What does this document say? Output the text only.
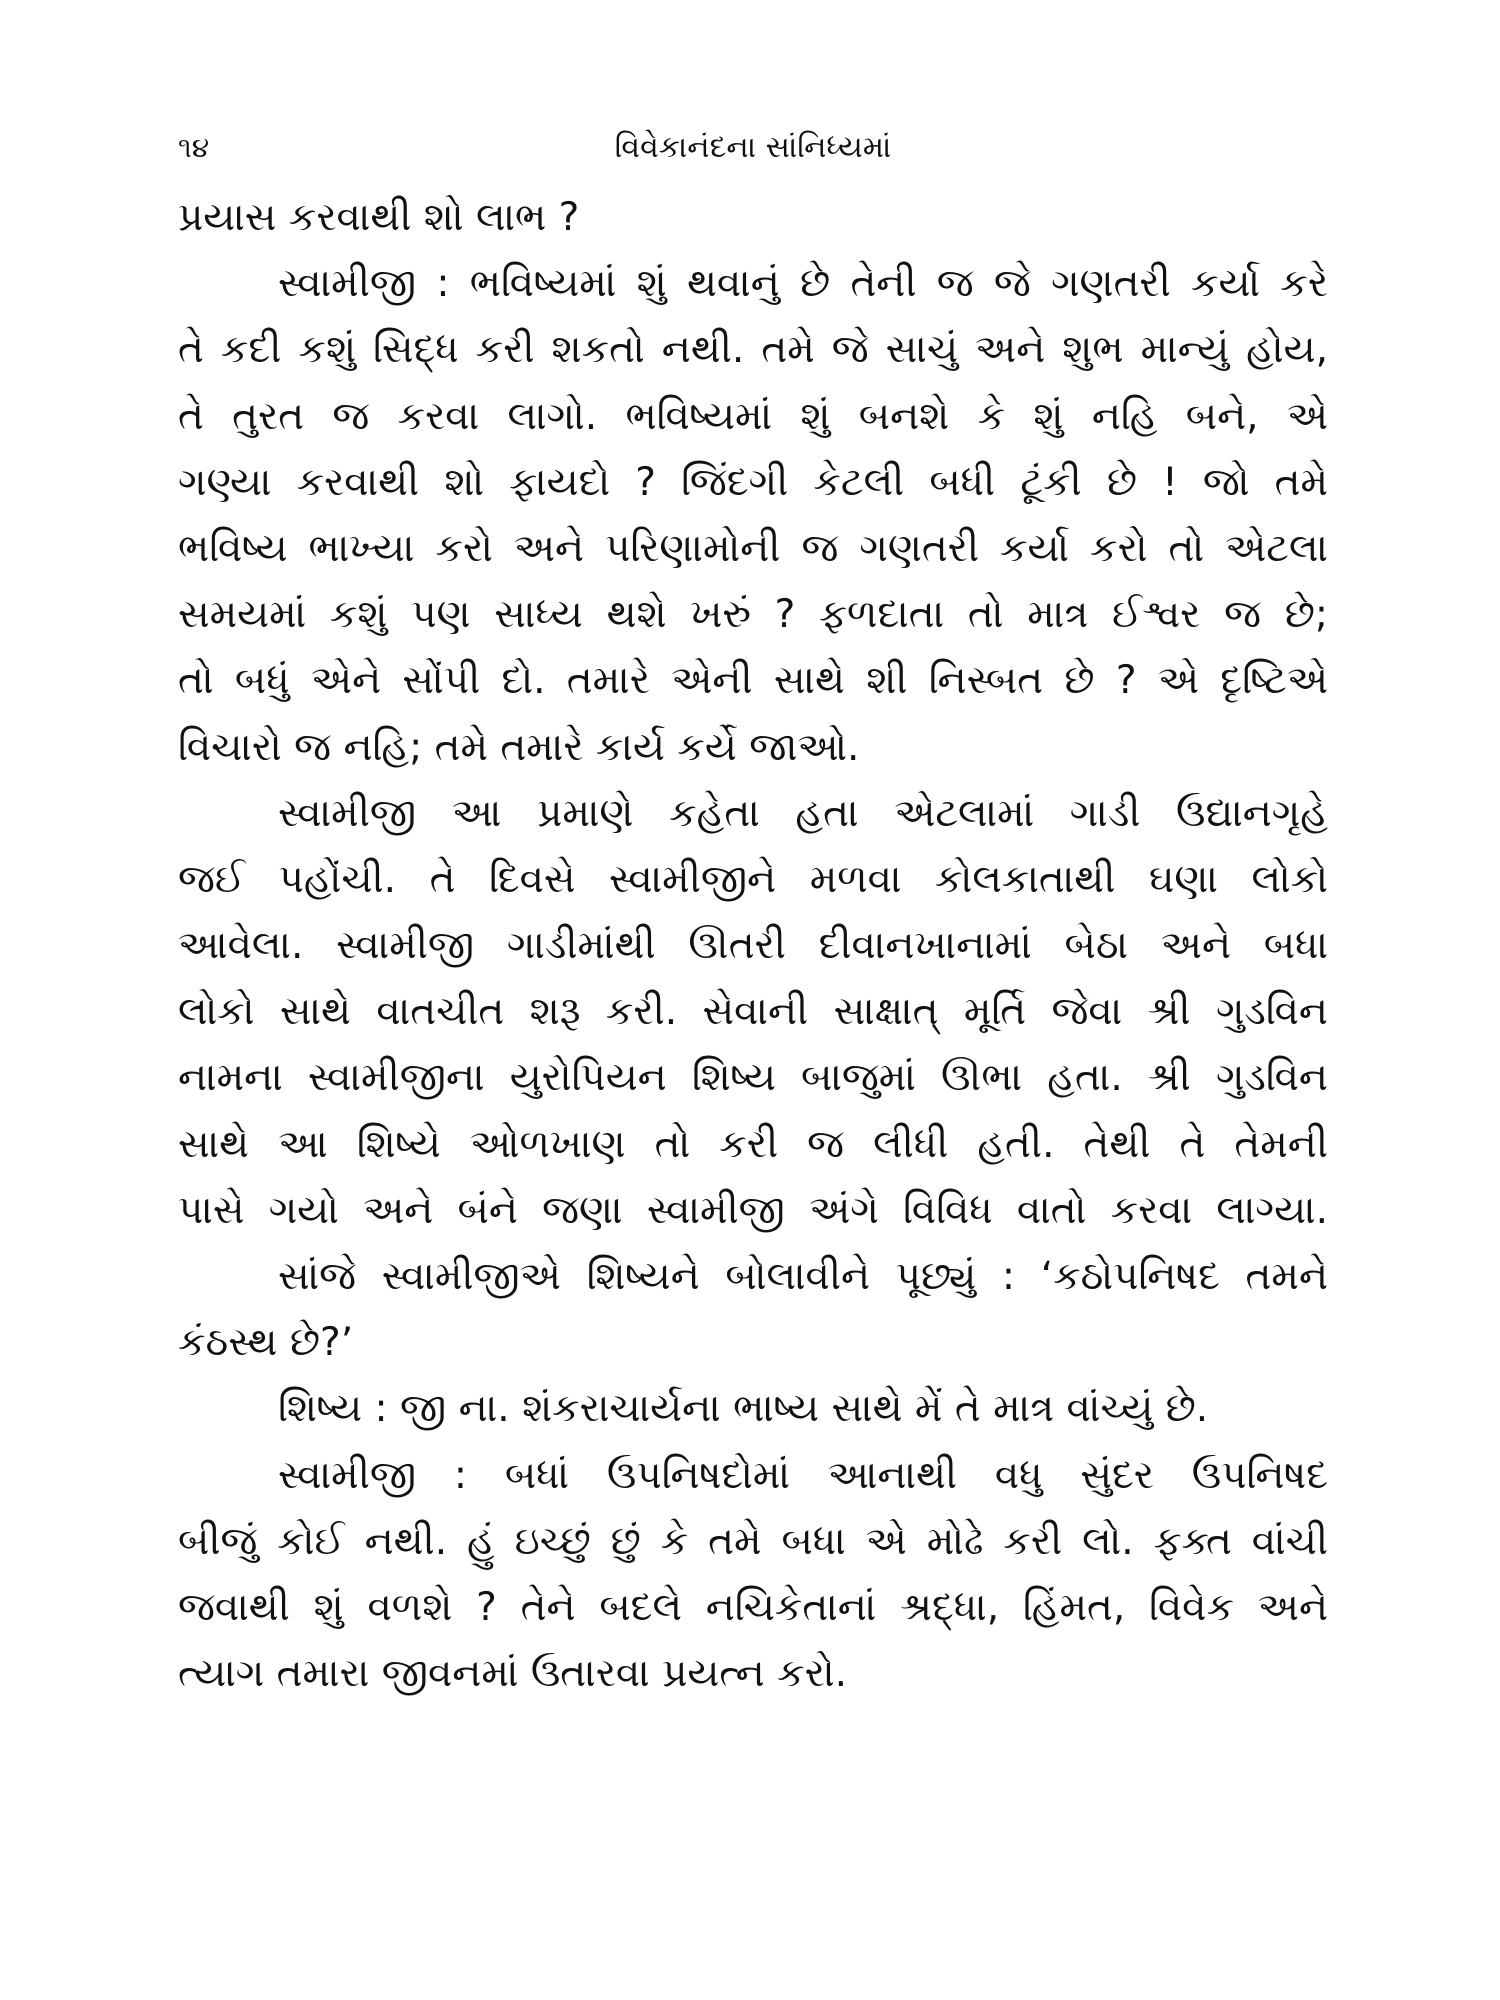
૧૪	વિવેકાનંદના સાંનિધ્યમાં
પ્રયાસ કરવાથી શો લાભ ?
સ્વામીજી : ભવિષ્યમાં શું થવાનું છે તેની જ જે ગણતરી કર્યા કરે
તે કદી કશું સિદ્ધ કરી શકતો નથી. તમે જે સાચું અને શુભ માન્યું હોય,
તે તુરત જ કરવા લાગો. ભવિષ્યમાં શું બનશે કે શું નહિ બને, એ
ગણ્યા કરવાથી શો ફાયદો ? જિંદગી કેટલી બધી ટૂંકી છે ! જો તમે
ભવિષ્ય ભાખ્યા કરો અને પરિણામોની જ ગણતરી કર્યા કરો તો એટલા
સમયમાં કશું પણ સાધ્ય થશે ખરું ? ફળદાતા તો માત્ર ઈશ્વર જ છે;
તો બધું એને સોંપી દો. તમારે એની સાથે શી નિસ્બત છે ? એ દૃષ્ટિએ
વિચારો જ નહિ; તમે તમારે કાર્ય કર્યે જાઓ.
સ્વામીજી આ પ્રમાણે કહેતા હતા એટલામાં ગાડી ઉદ્યાનગૃહે
જઈ પહોંચી. તે દિવસે સ્વામીજીને મળવા કોલકાતાથી ઘણા લોકો
આવેલા. સ્વામીજી ગાડીમાંથી ઊતરી દીવાનખાનામાં બેઠા અને બધા
લોકો સાથે વાતચીત શરૂ કરી. સેવાની સાક્ષાત્ મૂર્તિ જેવા શ્રી ગુડવિન
નામના સ્વામીજીના યુરોપિયન શિષ્ય બાજુમાં ઊભા હતા. શ્રી ગુડવિન
સાથે આ શિષ્યે ઓળખાણ તો કરી જ લીધી હતી. તેથી તે તેમની
પાસે ગયો અને બંને જણા સ્વામીજી અંગે વિવિધ વાતો કરવા લાગ્યા.
સાંજે સ્વામીજીએ શિષ્યને બોલાવીને પૂછ્યું : ‘કઠોપનિષદ તમને
કંઠસ્થ છે?’
શિષ્ય : જી ના. શંકરાચાર્યના ભાષ્ય સાથે મેં તે માત્ર વાંચ્યું છે.
સ્વામીજી : બધાં ઉપનિષદોમાં આનાથી વધુ સુંદર ઉપનિષદ
બીજું કોઈ નથી. હું ઇચ્છું છું કે તમે બધા એ મોઢે કરી લો. ફક્ત વાંચી
જવાથી શું વળશે ? તેને બદલે નચિકેતાનાં શ્રદ્ધા, હિંમત, વિવેક અને
ત્યાગ તમારા જીવનમાં ઉતારવા પ્રયત્ન કરો.
